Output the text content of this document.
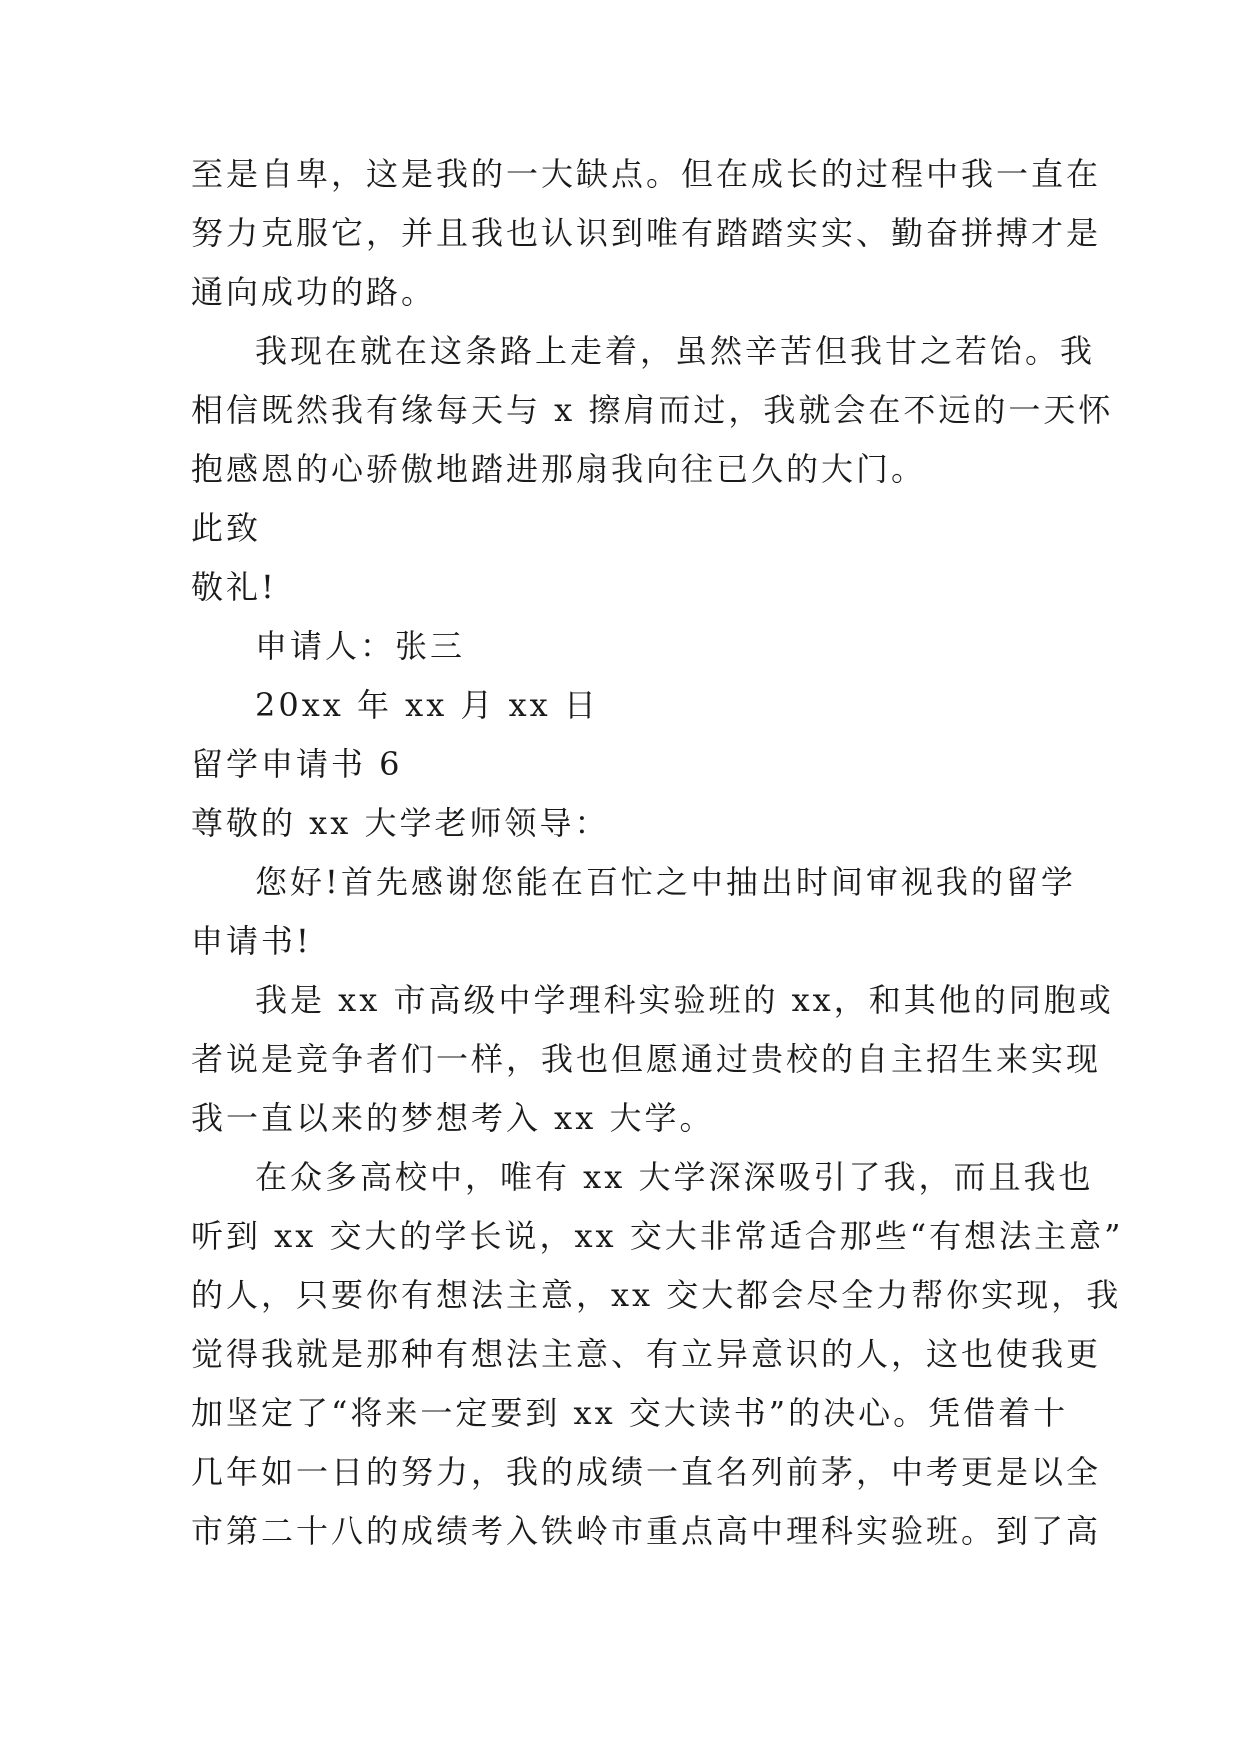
至是自卑，这是我的一大缺点。但在成长的过程中我一直在
努力克服它，并且我也认识到唯有踏踏实实、勤奋拼搏才是
通向成功的路。
我现在就在这条路上走着，虽然辛苦但我甘之若饴。我
相信既然我有缘每天与 x 擦肩而过，我就会在不远的一天怀
抱感恩的心骄傲地踏进那扇我向往已久的大门。
此致
敬礼!
申请人：张三
20xx 年 xx 月 xx 日
留学申请书 6
尊敬的 xx 大学老师领导：
您好!首先感谢您能在百忙之中抽出时间审视我的留学
申请书!
我是 xx 市高级中学理科实验班的 xx，和其他的同胞或
者说是竞争者们一样，我也但愿通过贵校的自主招生来实现
我一直以来的梦想考入 xx 大学。
在众多高校中，唯有 xx 大学深深吸引了我，而且我也
听到 xx 交大的学长说，xx 交大非常适合那些“有想法主意”
的人，只要你有想法主意，xx 交大都会尽全力帮你实现，我
觉得我就是那种有想法主意、有立异意识的人，这也使我更
加坚定了“将来一定要到 xx 交大读书”的决心。凭借着十
几年如一日的努力，我的成绩一直名列前茅，中考更是以全
市第二十八的成绩考入铁岭市重点高中理科实验班。到了高
